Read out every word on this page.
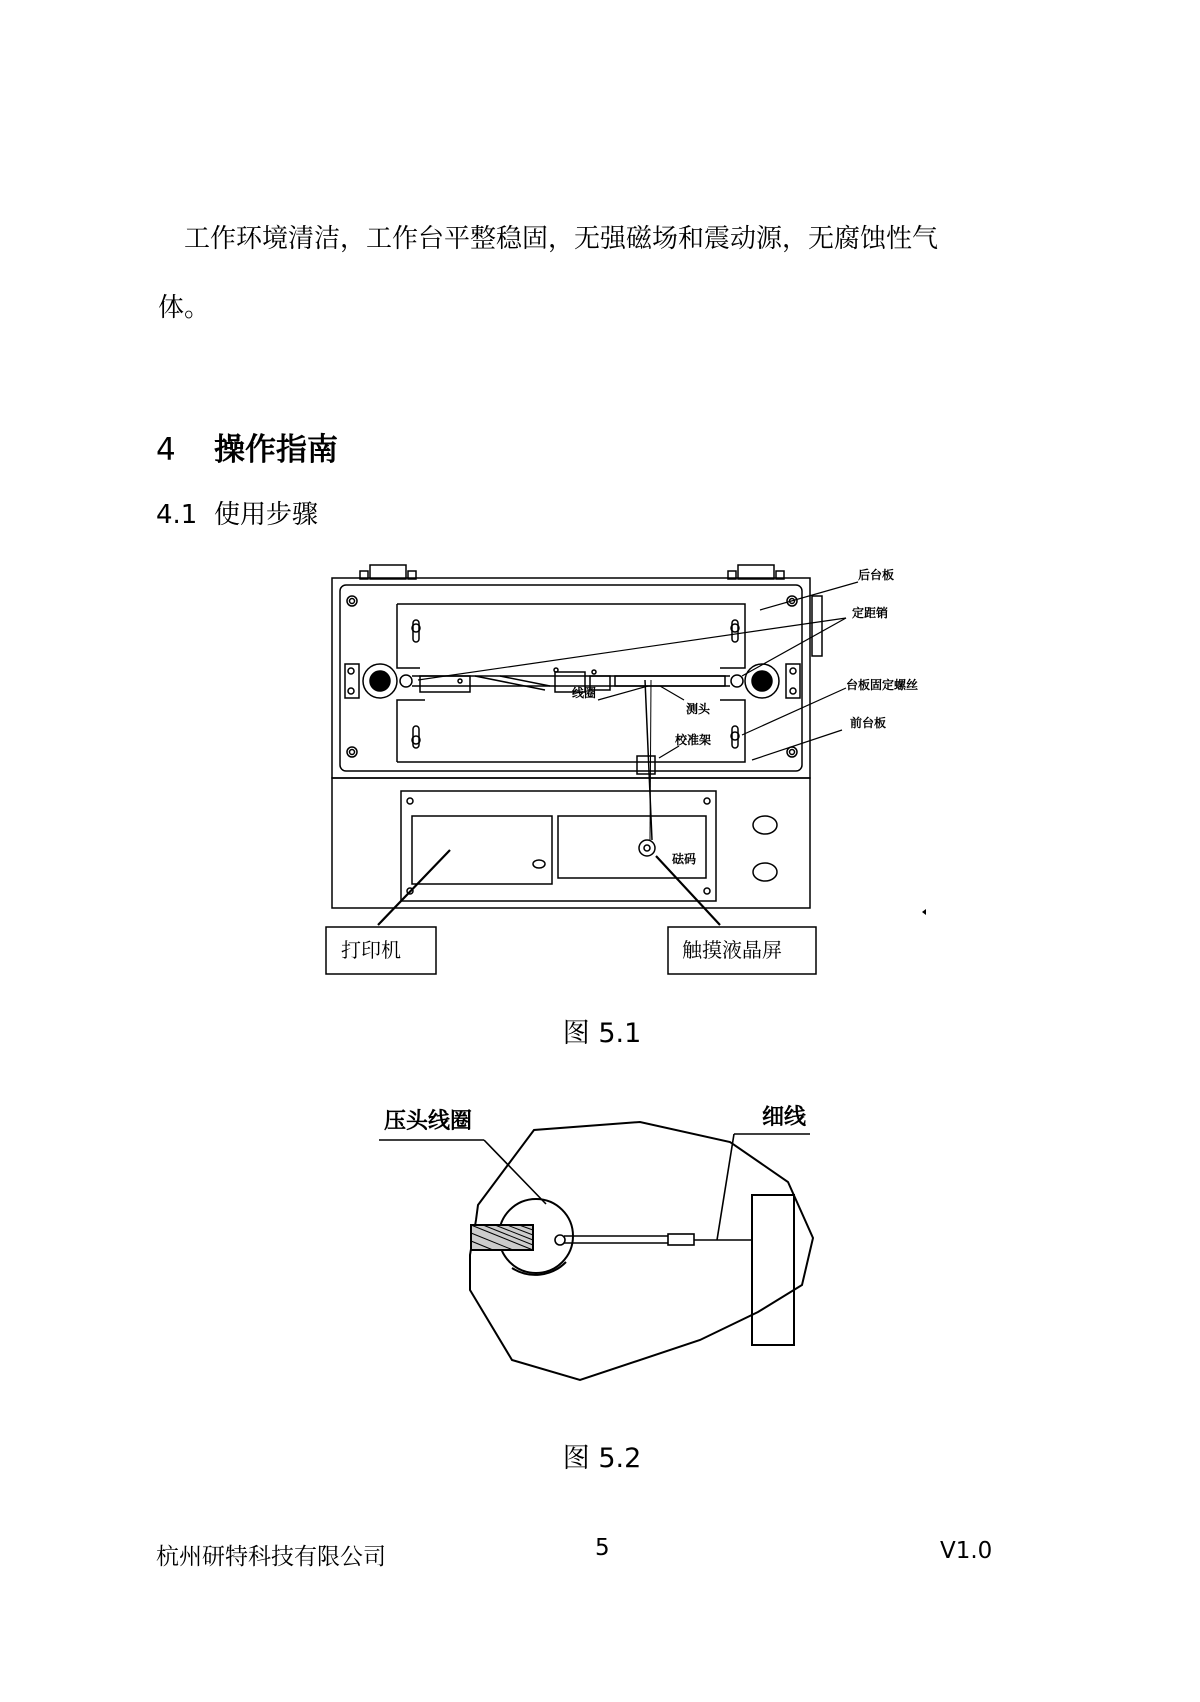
工作环境清洁，工作台平整稳固，无强磁场和震动源，无腐蚀性气
体。
4 操作指南
4.1 使用步骤
后台板
定距销
台板固定螺丝
前台板
线圈
测头
校准架
砝码
打印机	触摸液晶屏
图 5.1
压头线圈	细线
图 5.2
杭州研特科技有限公司	5	V1.0
